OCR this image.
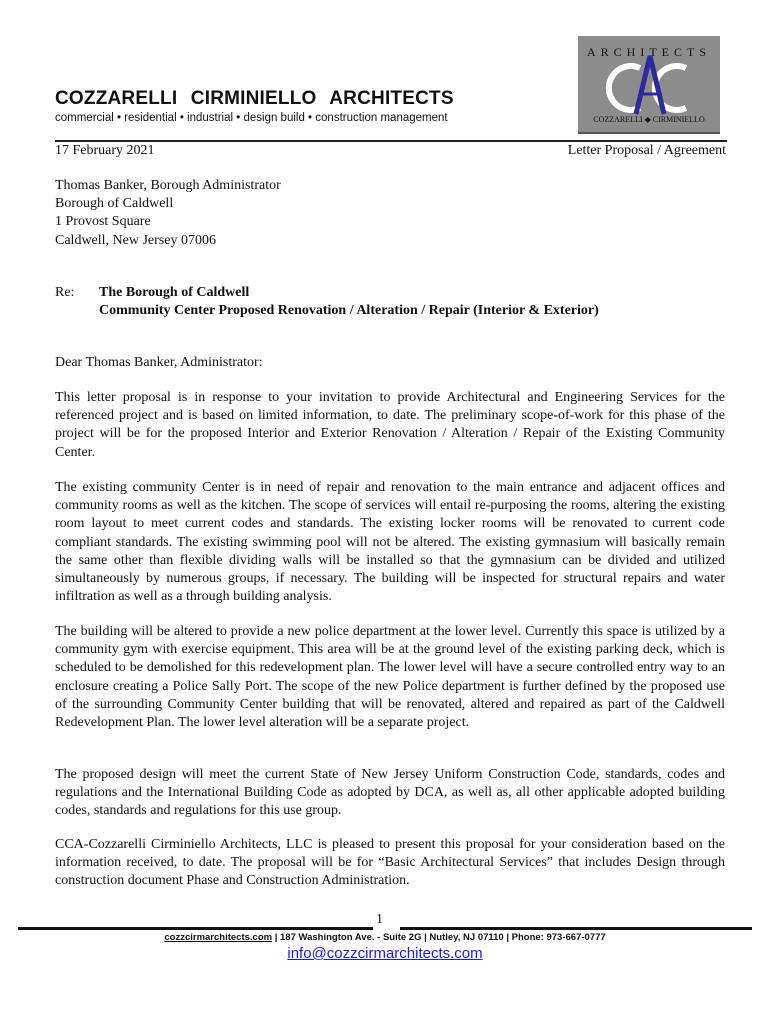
COZZARELLI CIRMINIELLO ARCHITECTS
commercial • residential • industrial • design build • construction management
ARCHITECTS
COZZARELLI ◆ CIRMINIELLO
17 February 2021	Letter Proposal / Agreement
Thomas Banker, Borough Administrator
Borough of Caldwell
1 Provost Square
Caldwell, New Jersey 07006
Re: The Borough of Caldwell
Community Center Proposed Renovation / Alteration / Repair (Interior & Exterior)
Dear Thomas Banker, Administrator:
This letter proposal is in response to your invitation to provide Architectural and Engineering Services for the referenced project and is based on limited information, to date. The preliminary scope-of-work for this phase of the project will be for the proposed Interior and Exterior Renovation / Alteration / Repair of the Existing Community Center.
The existing community Center is in need of repair and renovation to the main entrance and adjacent offices and community rooms as well as the kitchen. The scope of services will entail re-purposing the rooms, altering the existing room layout to meet current codes and standards. The existing locker rooms will be renovated to current code compliant standards. The existing swimming pool will not be altered. The existing gymnasium will basically remain the same other than flexible dividing walls will be installed so that the gymnasium can be divided and utilized simultaneously by numerous groups, if necessary. The building will be inspected for structural repairs and water infiltration as well as a through building analysis.
The building will be altered to provide a new police department at the lower level. Currently this space is utilized by a community gym with exercise equipment. This area will be at the ground level of the existing parking deck, which is scheduled to be demolished for this redevelopment plan. The lower level will have a secure controlled entry way to an enclosure creating a Police Sally Port. The scope of the new Police department is further defined by the proposed use of the surrounding Community Center building that will be renovated, altered and repaired as part of the Caldwell Redevelopment Plan. The lower level alteration will be a separate project.
The proposed design will meet the current State of New Jersey Uniform Construction Code, standards, codes and regulations and the International Building Code as adopted by DCA, as well as, all other applicable adopted building codes, standards and regulations for this use group.
CCA-Cozzarelli Cirminiello Architects, LLC is pleased to present this proposal for your consideration based on the information received, to date. The proposal will be for “Basic Architectural Services” that includes Design through construction document Phase and Construction Administration.
1
cozzcirmarchitects.com | 187 Washington Ave. - Suite 2G | Nutley, NJ 07110 | Phone: 973-667-0777
info@cozzcirmarchitects.com
